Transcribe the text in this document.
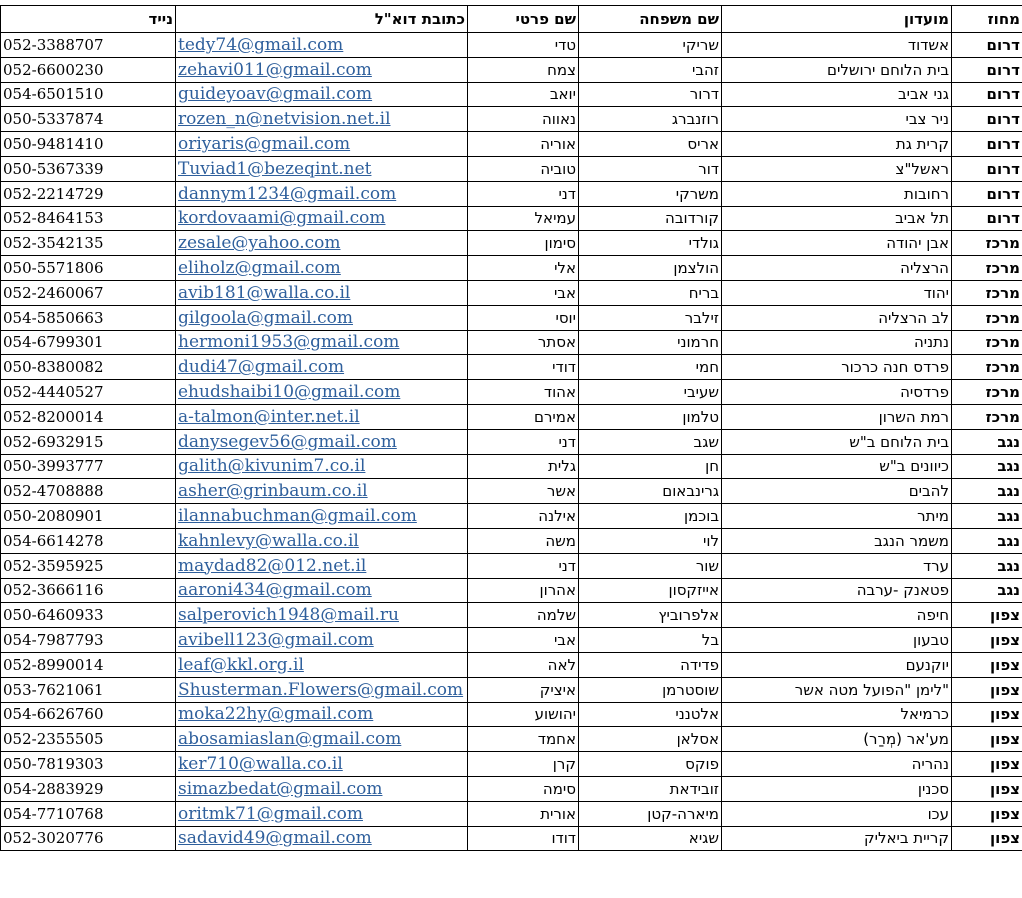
מחוז	מועדון	שם משפחה	שם פרטי	כתובת דוא"ל	נייד
דרום	אשדוד	שריקי	טדי	tedy74@gmail.com	052-3388707
דרום	בית הלוחם ירושלים	זהבי	צמח	zehavi011@gmail.com	052-6600230
דרום	גני אביב	דרור	יואב	guideyoav@gmail.com	054-6501510
דרום	ניר צבי	רוזנברג	נאווה	rozen_n@netvision.net.il	050-5337874
דרום	קרית גת	אריס	אוריה	oriyaris@gmail.com	050-9481410
דרום	ראשל"צ	דור	טוביה	Tuviad1@bezeqint.net	050-5367339
דרום	רחובות	משרקי	דני	dannym1234@gmail.com	052-2214729
דרום	תל אביב	קורדובה	עמיאל	kordovaami@gmail.com	052-8464153
מרכז	אבן יהודה	גולדי	סימון	zesale@yahoo.com	052-3542135
מרכז	הרצליה	הולצמן	אלי	eliholz@gmail.com	050-5571806
מרכז	יהוד	בריח	אבי	avib181@walla.co.il	052-2460067
מרכז	לב הרצליה	זילבר	יוסי	gilgoola@gmail.com	054-5850663
מרכז	נתניה	חרמוני	אסתר	hermoni1953@gmail.com	054-6799301
מרכז	פרדס חנה כרכור	חמי	דודי	dudi47@gmail.com	050-8380082
מרכז	פרדסיה	שעיבי	אהוד	ehudshaibi10@gmail.com	052-4440527
מרכז	רמת השרון	טלמון	אמירם	a-talmon@inter.net.il	052-8200014
נגב	בית הלוחם ב"ש	שגב	דני	danysegev56@gmail.com	052-6932915
נגב	כיוונים ב"ש	חן	גלית	galith@kivunim7.co.il	050-3993777
נגב	להבים	גרינבאום	אשר	asher@grinbaum.co.il	052-4708888
נגב	מיתר	בוכמן	אילנה	ilannabuchman@gmail.com	050-2080901
נגב	משמר הנגב	לוי	משה	kahnlevy@walla.co.il	054-6614278
נגב	ערד	שור	דני	maydad82@012.net.il	052-3595925
נגב	פטאנק -ערבה	אייזקסון	אהרון	aaroni434@gmail.com	052-3666116
צפון	חיפה	אלפרוביץ	שלמה	salperovich1948@mail.ru	050-6460933
צפון	טבעון	בל	אבי	avibell123@gmail.com	054-7987793
צפון	יוקנעם	פדידה	לאה	leaf@kkl.org.il	052-8990014
צפון	"לימן "הפועל מטה אשר	שוסטרמן	איציק	Shusterman.Flowers@gmail.com	053-7621061
צפון	כרמיאל	אלטנני	יהושוע	moka22hy@gmail.com	054-6626760
צפון	מע'אר (מְרַר)	אסלאן	אחמד	abosamiaslan@gmail.com	052-2355505
צפון	נהריה	פוקס	קרן	ker710@walla.co.il	050-7819303
צפון	סכנין	זובידאת	סימה	simazbedat@gmail.com	054-2883929
צפון	עכו	מיארה-קטן	אורית	oritmk71@gmail.com	054-7710768
צפון	קריית ביאליק	שגיא	דודו	sadavid49@gmail.com	052-3020776
